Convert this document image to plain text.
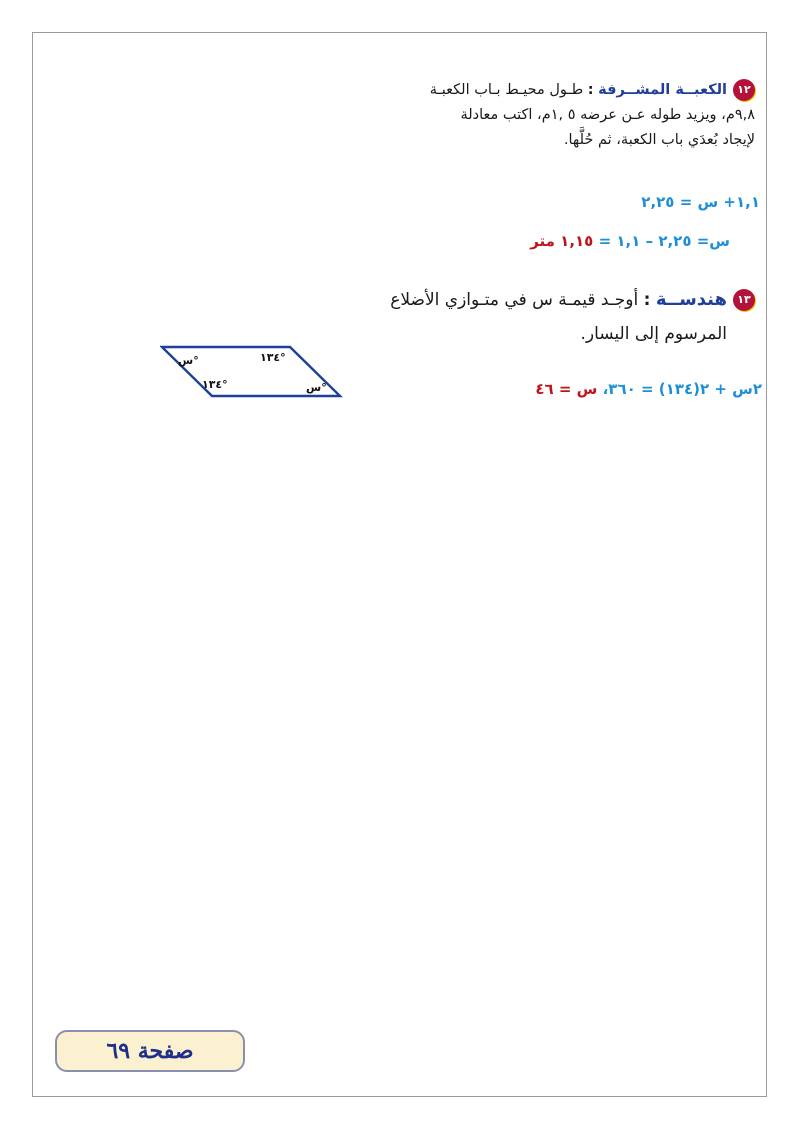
١٢الكعبــة المشــرفة : طـول محيـط بـاب الكعبـة
٩,٨م، ويزيد طوله عـن عرضه ٥ ,١م، اكتب معادلة
لإيجاد بُعدَي باب الكعبة، ثم حُلَّها.
١,١+ س = ٢,٢٥
س= ٢,٢٥ – ١,١ = ١,١٥ متر
١٣هندســة : أوجـد قيمـة س في متـوازي الأضلاع
المرسوم إلى اليسار.
س°	١٣٤°
١٣٤°	س°	٢س + ٢(١٣٤) = ٣٦٠، س = ٤٦
صفحة ٦٩
